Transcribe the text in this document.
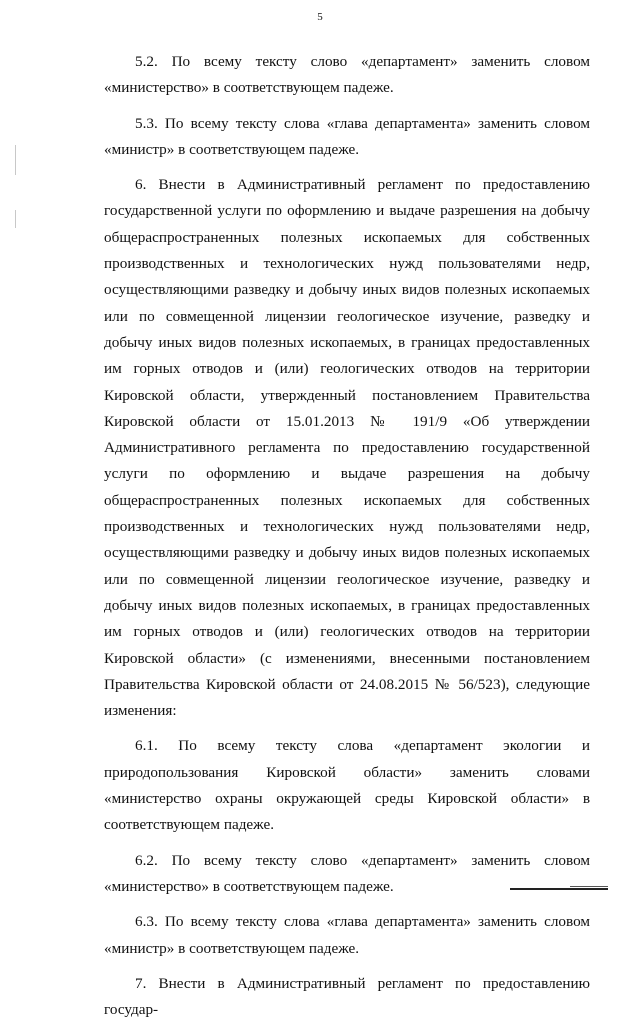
5

5.2. По всему тексту слово «департамент» заменить словом «министерство» в соответствующем падеже.

5.3. По всему тексту слова «глава департамента» заменить словом «министр» в соответствующем падеже.

6. Внести в Административный регламент по предоставлению государственной услуги по оформлению и выдаче разрешения на добычу общераспространенных полезных ископаемых для собственных производственных и технологических нужд пользователями недр, осуществляющими разведку и добычу иных видов полезных ископаемых или по совмещенной лицензии геологическое изучение, разведку и добычу иных видов полезных ископаемых, в границах предоставленных им горных отводов и (или) геологических отводов на территории Кировской области, утвержденный постановлением Правительства Кировской области от 15.01.2013 № 191/9 «Об утверждении Административного регламента по предоставлению государственной услуги по оформлению и выдаче разрешения на добычу общераспространенных полезных ископаемых для собственных производственных и технологических нужд пользователями недр, осуществляющими разведку и добычу иных видов полезных ископаемых или по совмещенной лицензии геологическое изучение, разведку и добычу иных видов полезных ископаемых, в границах предоставленных им горных отводов и (или) геологических отводов на территории Кировской области» (с изменениями, внесенными постановлением Правительства Кировской области от 24.08.2015 № 56/523), следующие изменения:

6.1. По всему тексту слова «департамент экологии и природопользования Кировской области» заменить словами «министерство охраны окружающей среды Кировской области» в соответствующем падеже.

6.2. По всему тексту слово «департамент» заменить словом «министерство» в соответствующем падеже.

6.3. По всему тексту слова «глава департамента» заменить словом «министр» в соответствующем падеже.

7. Внести в Административный регламент по предоставлению государ-
